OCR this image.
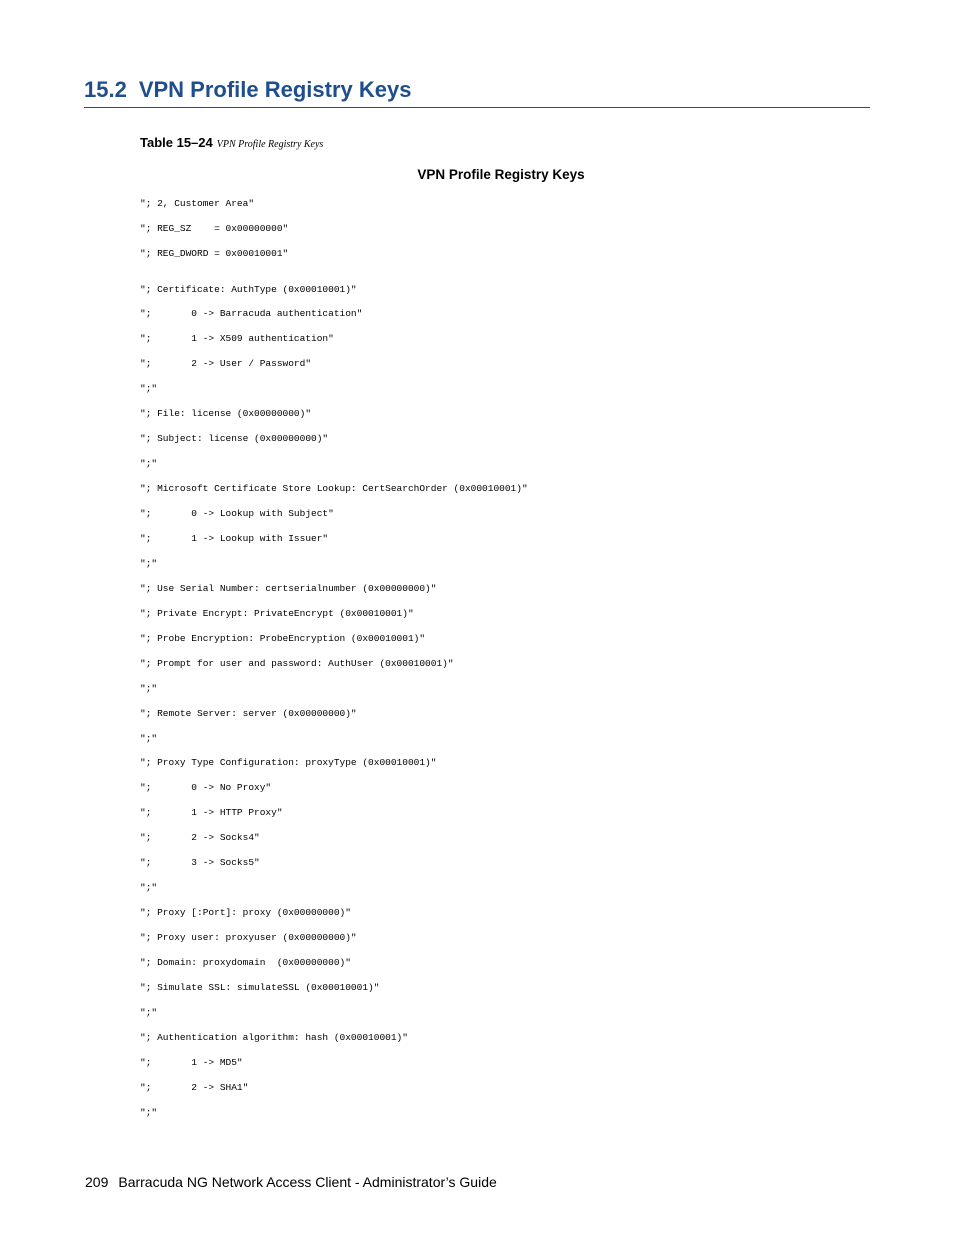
15.2 VPN Profile Registry Keys
Table 15–24 VPN Profile Registry Keys
VPN Profile Registry Keys
"; 2, Customer Area"
"; REG_SZ    = 0x00000000"
"; REG_DWORD = 0x00010001"
"; Certificate: AuthType (0x00010001)"
";       0 -> Barracuda authentication"
";       1 -> X509 authentication"
";       2 -> User / Password"
";"
"; File: license (0x00000000)"
"; Subject: license (0x00000000)"
";"
"; Microsoft Certificate Store Lookup: CertSearchOrder (0x00010001)"
";       0 -> Lookup with Subject"
";       1 -> Lookup with Issuer"
";"
"; Use Serial Number: certserialnumber (0x00000000)"
"; Private Encrypt: PrivateEncrypt (0x00010001)"
"; Probe Encryption: ProbeEncryption (0x00010001)"
"; Prompt for user and password: AuthUser (0x00010001)"
";"
"; Remote Server: server (0x00000000)"
";"
"; Proxy Type Configuration: proxyType (0x00010001)"
";       0 -> No Proxy"
";       1 -> HTTP Proxy"
";       2 -> Socks4"
";       3 -> Socks5"
";"
"; Proxy [:Port]: proxy (0x00000000)"
"; Proxy user: proxyuser (0x00000000)"
"; Domain: proxydomain  (0x00000000)"
"; Simulate SSL: simulateSSL (0x00010001)"
";"
"; Authentication algorithm: hash (0x00010001)"
";       1 -> MD5"
";       2 -> SHA1"
";"
209 Barracuda NG Network Access Client - Administrator’s Guide
